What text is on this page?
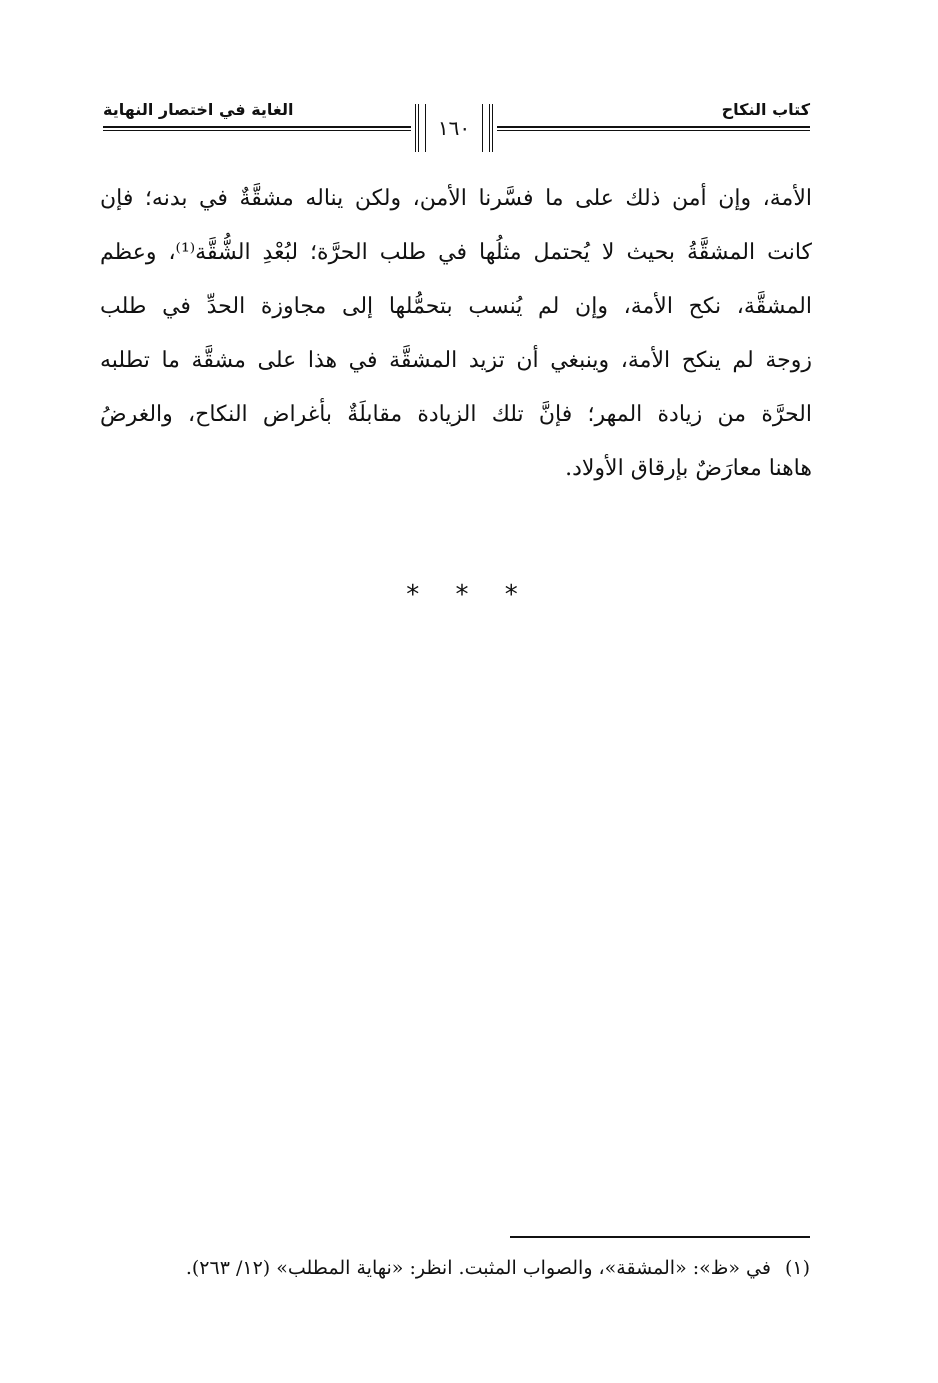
كتاب النكاح
الغاية في اختصار النهاية
١٦٠
الأمة، وإن أمن ذلك على ما فسَّرنا الأمن، ولكن يناله مشقَّةٌ في بدنه؛ فإن
كانت المشقَّةُ بحيث لا يُحتمل مثلُها في طلب الحرَّة؛ لبُعْدِ الشُّقَّة⁽¹⁾، وعظم
المشقَّة، نكح الأمة، وإن لم يُنسب بتحمُّلها إلى مجاوزة الحدِّ في طلب
زوجة لم ينكح الأمة، وينبغي أن تزيد المشقَّة في هذا على مشقَّة ما تطلبه
الحرَّة من زيادة المهر؛ فإنَّ تلك الزيادة مقابلَةٌ بأغراض النكاح، والغرضُ
هاهنا معارَضٌ بإرقاق الأولاد.
* * *
(١)في «ظ»: «المشقة»، والصواب المثبت. انظر: «نهاية المطلب» (١٢/ ٢٦٣).
